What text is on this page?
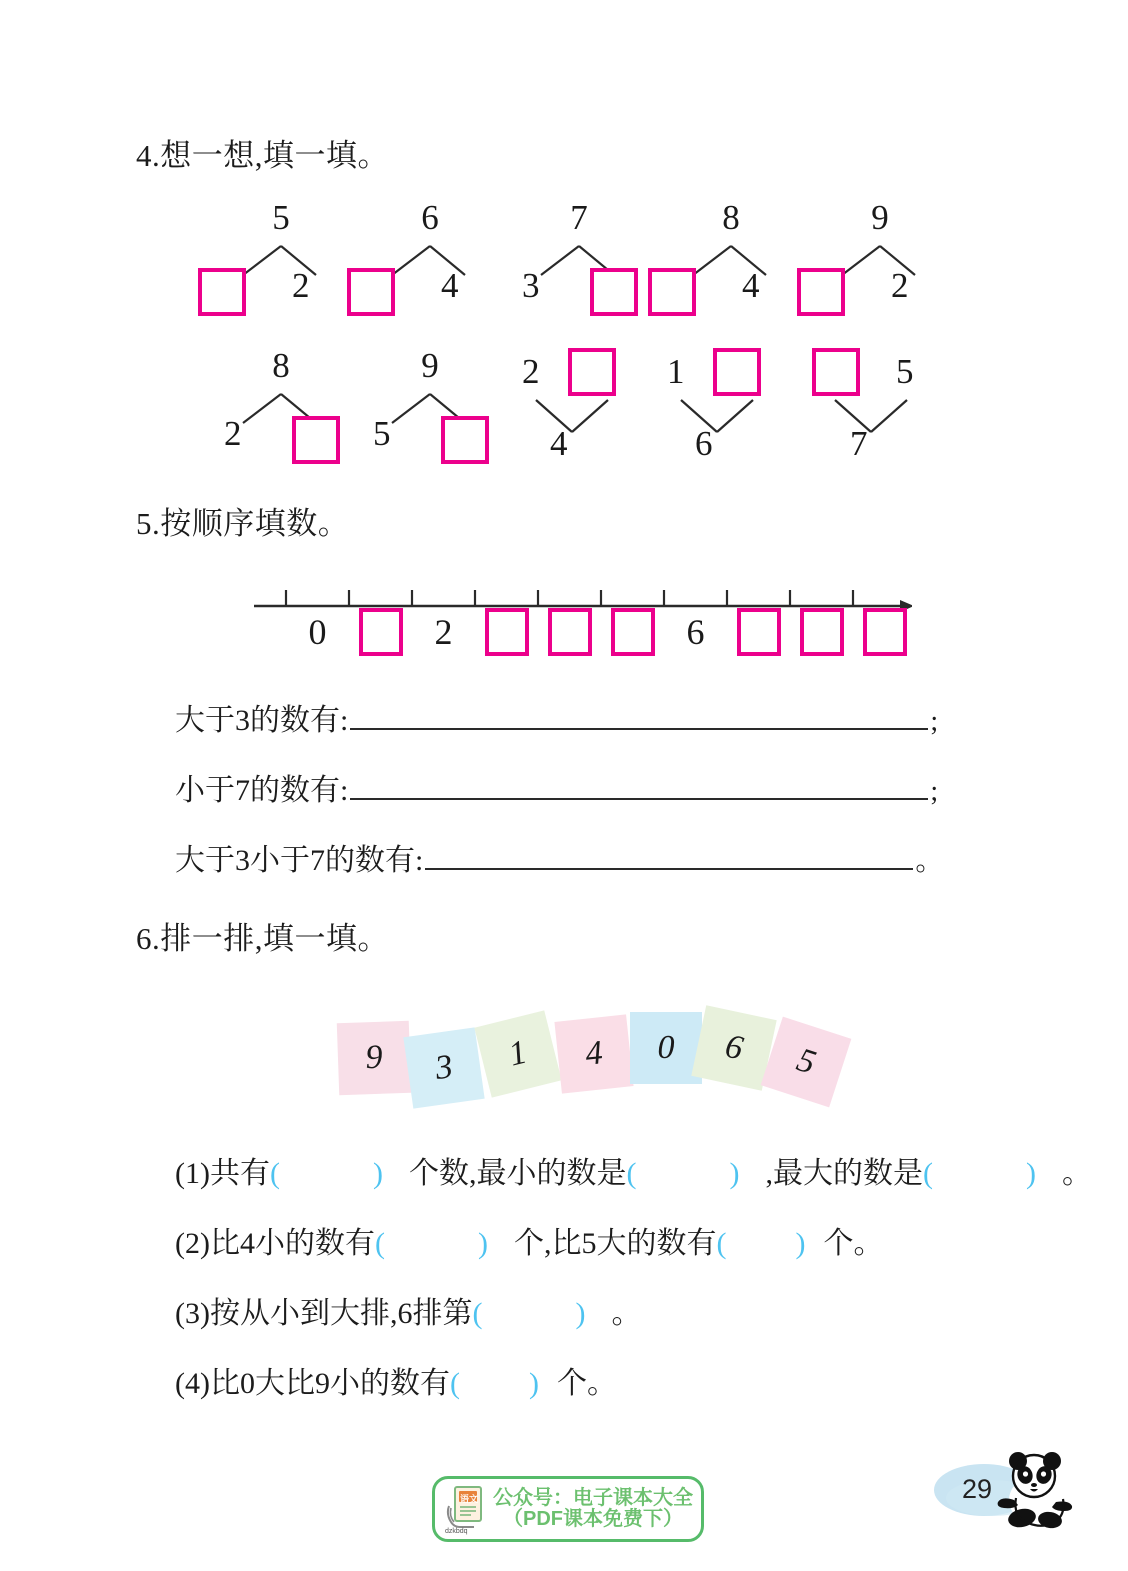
4.想一想,填一填。
5
2
6
4
7
3
8
4
9
2
8
2
9
5
2
4
1
6
5
7
5.按顺序填数。
0	2	6
大于3的数有:	;
小于7的数有:	;
大于3小于7的数有:	。
6.排一排,填一填。
9	3	1	4	0	6	5
(1)共有(  )个数,最小的数是(  ),最大的数是(  )。
(2)比4小的数有(  )个,比5大的数有(  )个。
(3)按从小到大排,6排第(  )。
(4)比0大比9小的数有(  )个。
dzkbdq
语文 公众号：电子课本大全
（PDF课本免费下）
29
